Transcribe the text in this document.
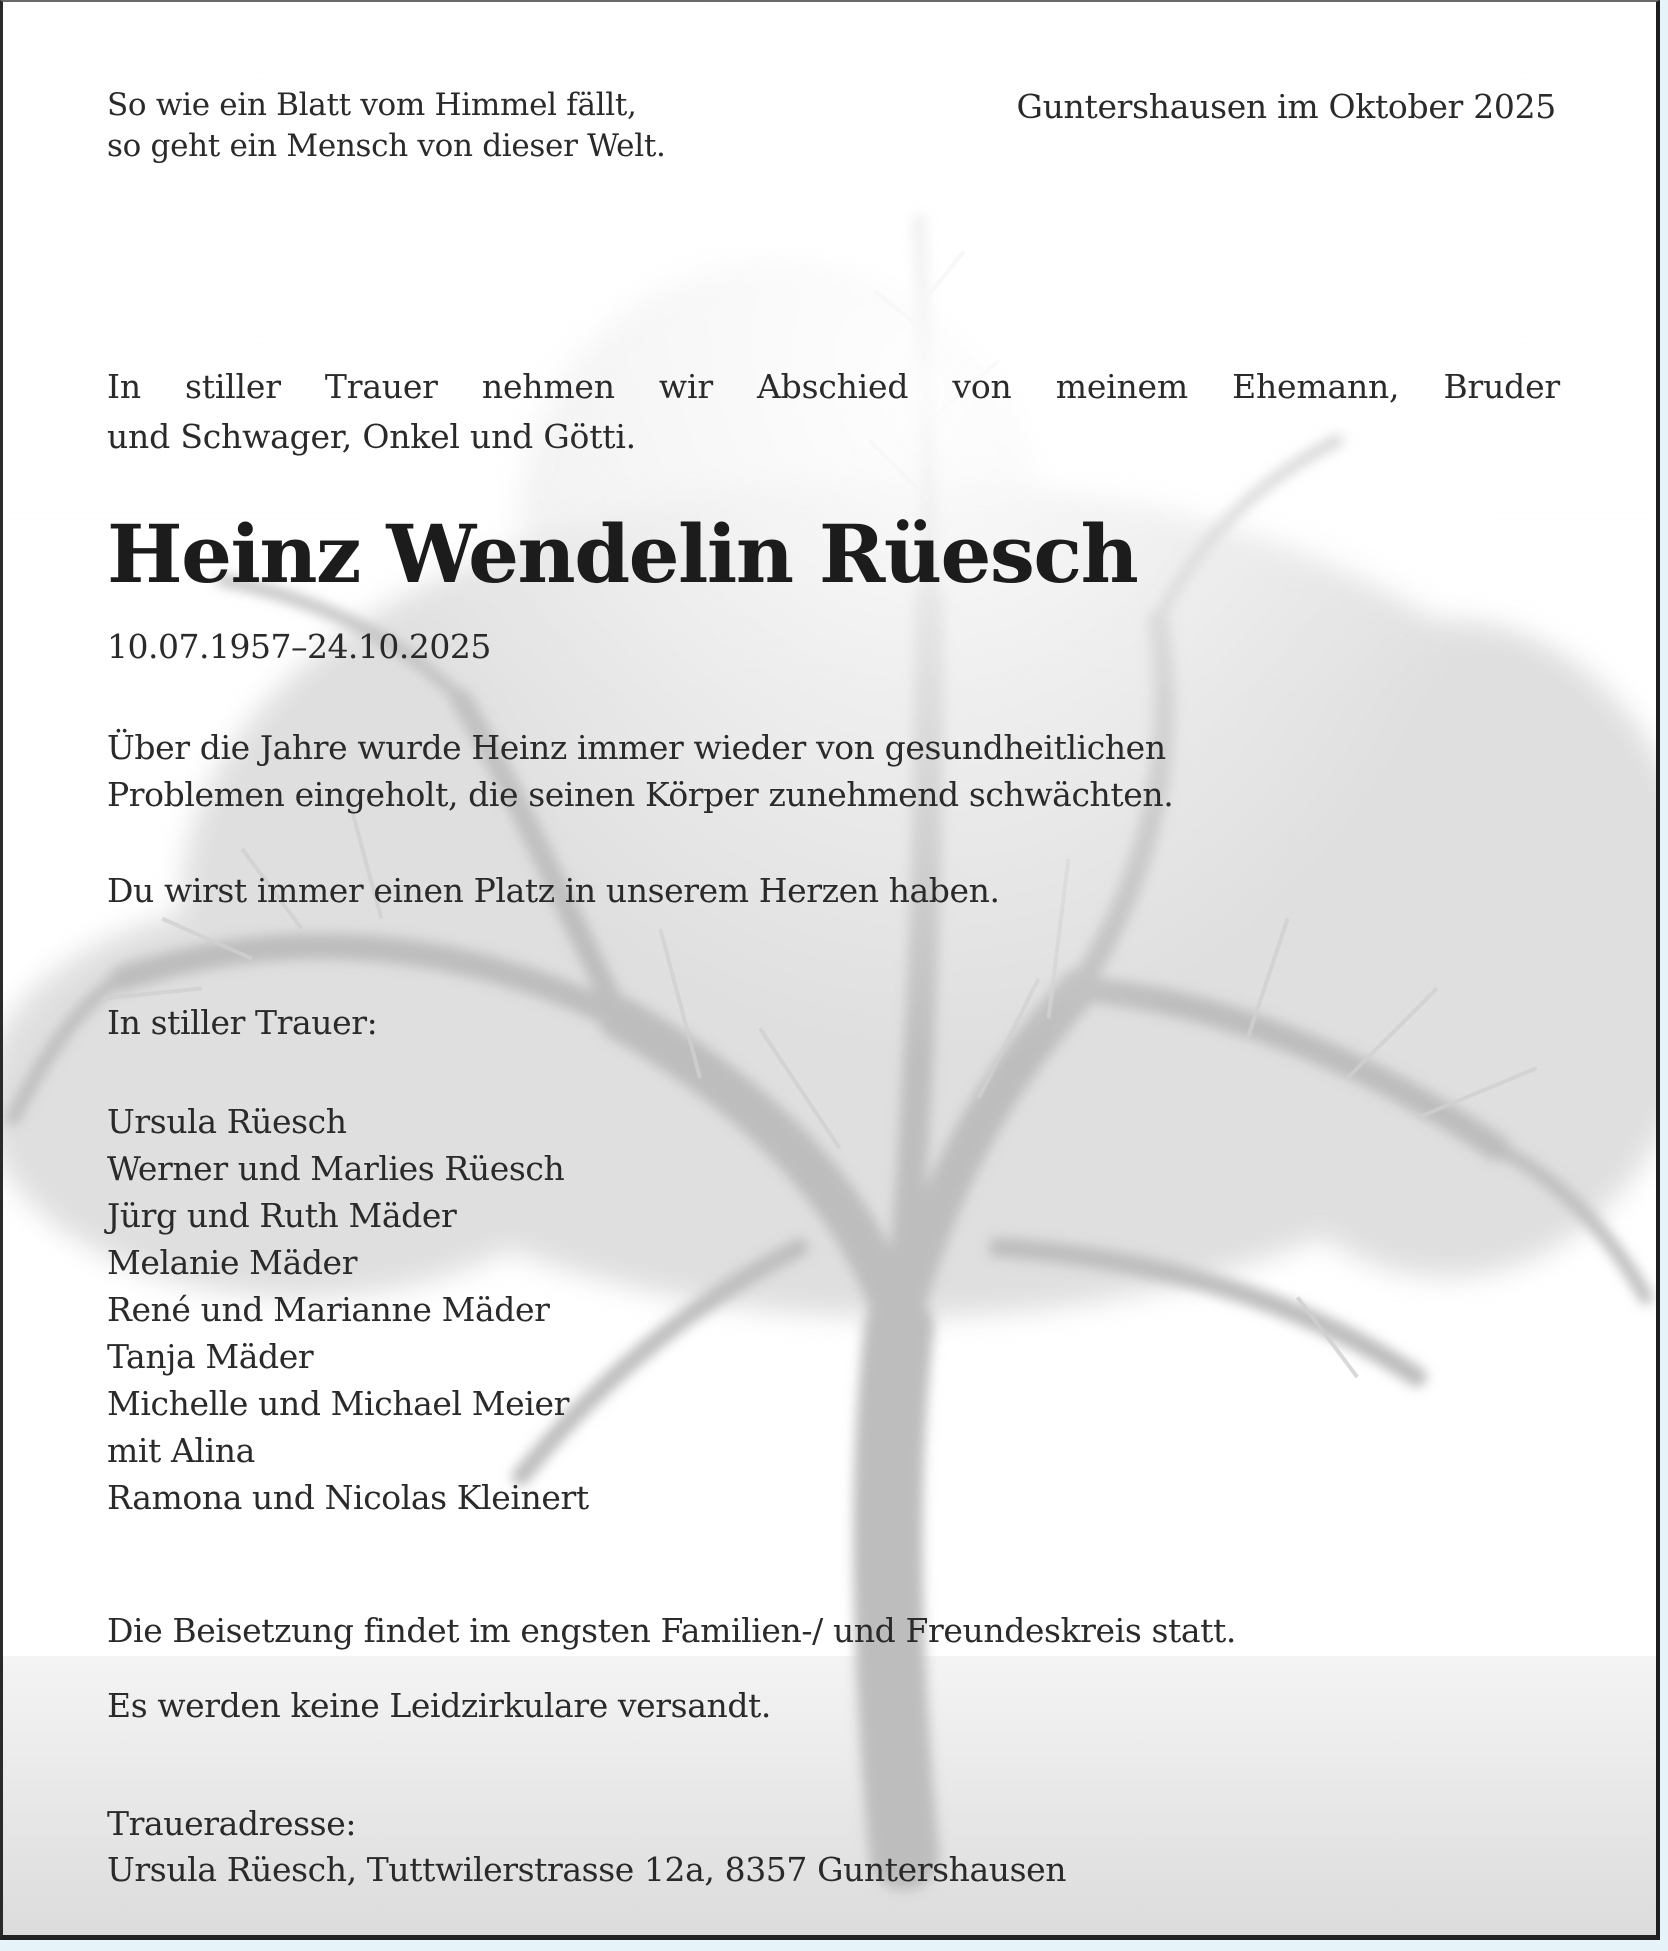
So wie ein Blatt vom Himmel fällt,
so geht ein Mensch von dieser Welt.
Guntershausen im Oktober 2025
In stiller Trauer nehmen wir Abschied von meinem Ehemann, Bruder
und Schwager, Onkel und Götti.
Heinz Wendelin Rüesch
10.07.1957–24.10.2025
Über die Jahre wurde Heinz immer wieder von gesundheitlichen
Problemen eingeholt, die seinen Körper zunehmend schwächten.
Du wirst immer einen Platz in unserem Herzen haben.
In stiller Trauer:
Ursula Rüesch
Werner und Marlies Rüesch
Jürg und Ruth Mäder
Melanie Mäder
René und Marianne Mäder
Tanja Mäder
Michelle und Michael Meier
mit Alina
Ramona und Nicolas Kleinert
Die Beisetzung findet im engsten Familien-/ und Freundeskreis statt.
Es werden keine Leidzirkulare versandt.
Traueradresse:
Ursula Rüesch, Tuttwilerstrasse 12a, 8357 Guntershausen
